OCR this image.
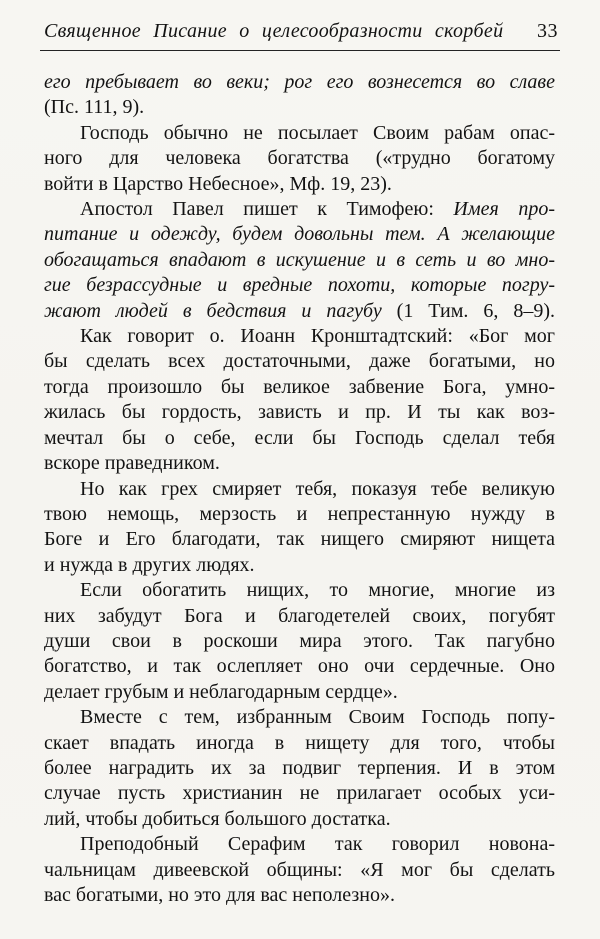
Священное Писание о целесообразности скорбей 33
его пребывает во веки; рог его вознесется во славе
(Пс. 111, 9).
Господь обычно не посылает Своим рабам опас-
ного для человека богатства («трудно богатому
войти в Царство Небесное», Мф. 19, 23).
Апостол Павел пишет к Тимофею: Имея про-
питание и одежду, будем довольны тем. А желающие
обогащаться впадают в искушение и в сеть и во мно-
гие безрассудные и вредные похоти, которые погру-
жают людей в бедствия и пагубу (1 Тим. 6, 8–9).
Как говорит о. Иоанн Кронштадтский: «Бог мог
бы сделать всех достаточными, даже богатыми, но
тогда произошло бы великое забвение Бога, умно-
жилась бы гордость, зависть и пр. И ты как воз-
мечтал бы о себе, если бы Господь сделал тебя
вскоре праведником.
Но как грех смиряет тебя, показуя тебе великую
твою немощь, мерзость и непрестанную нужду в
Боге и Его благодати, так нищего смиряют нищета
и нужда в других людях.
Если обогатить нищих, то многие, многие из
них забудут Бога и благодетелей своих, погубят
души свои в роскоши мира этого. Так пагубно
богатство, и так ослепляет оно очи сердечные. Оно
делает грубым и неблагодарным сердце».
Вместе с тем, избранным Своим Господь попу-
скает впадать иногда в нищету для того, чтобы
более наградить их за подвиг терпения. И в этом
случае пусть христианин не прилагает особых уси-
лий, чтобы добиться большого достатка.
Преподобный Серафим так говорил новона-
чальницам дивеевской общины: «Я мог бы сделать
вас богатыми, но это для вас неполезно».
